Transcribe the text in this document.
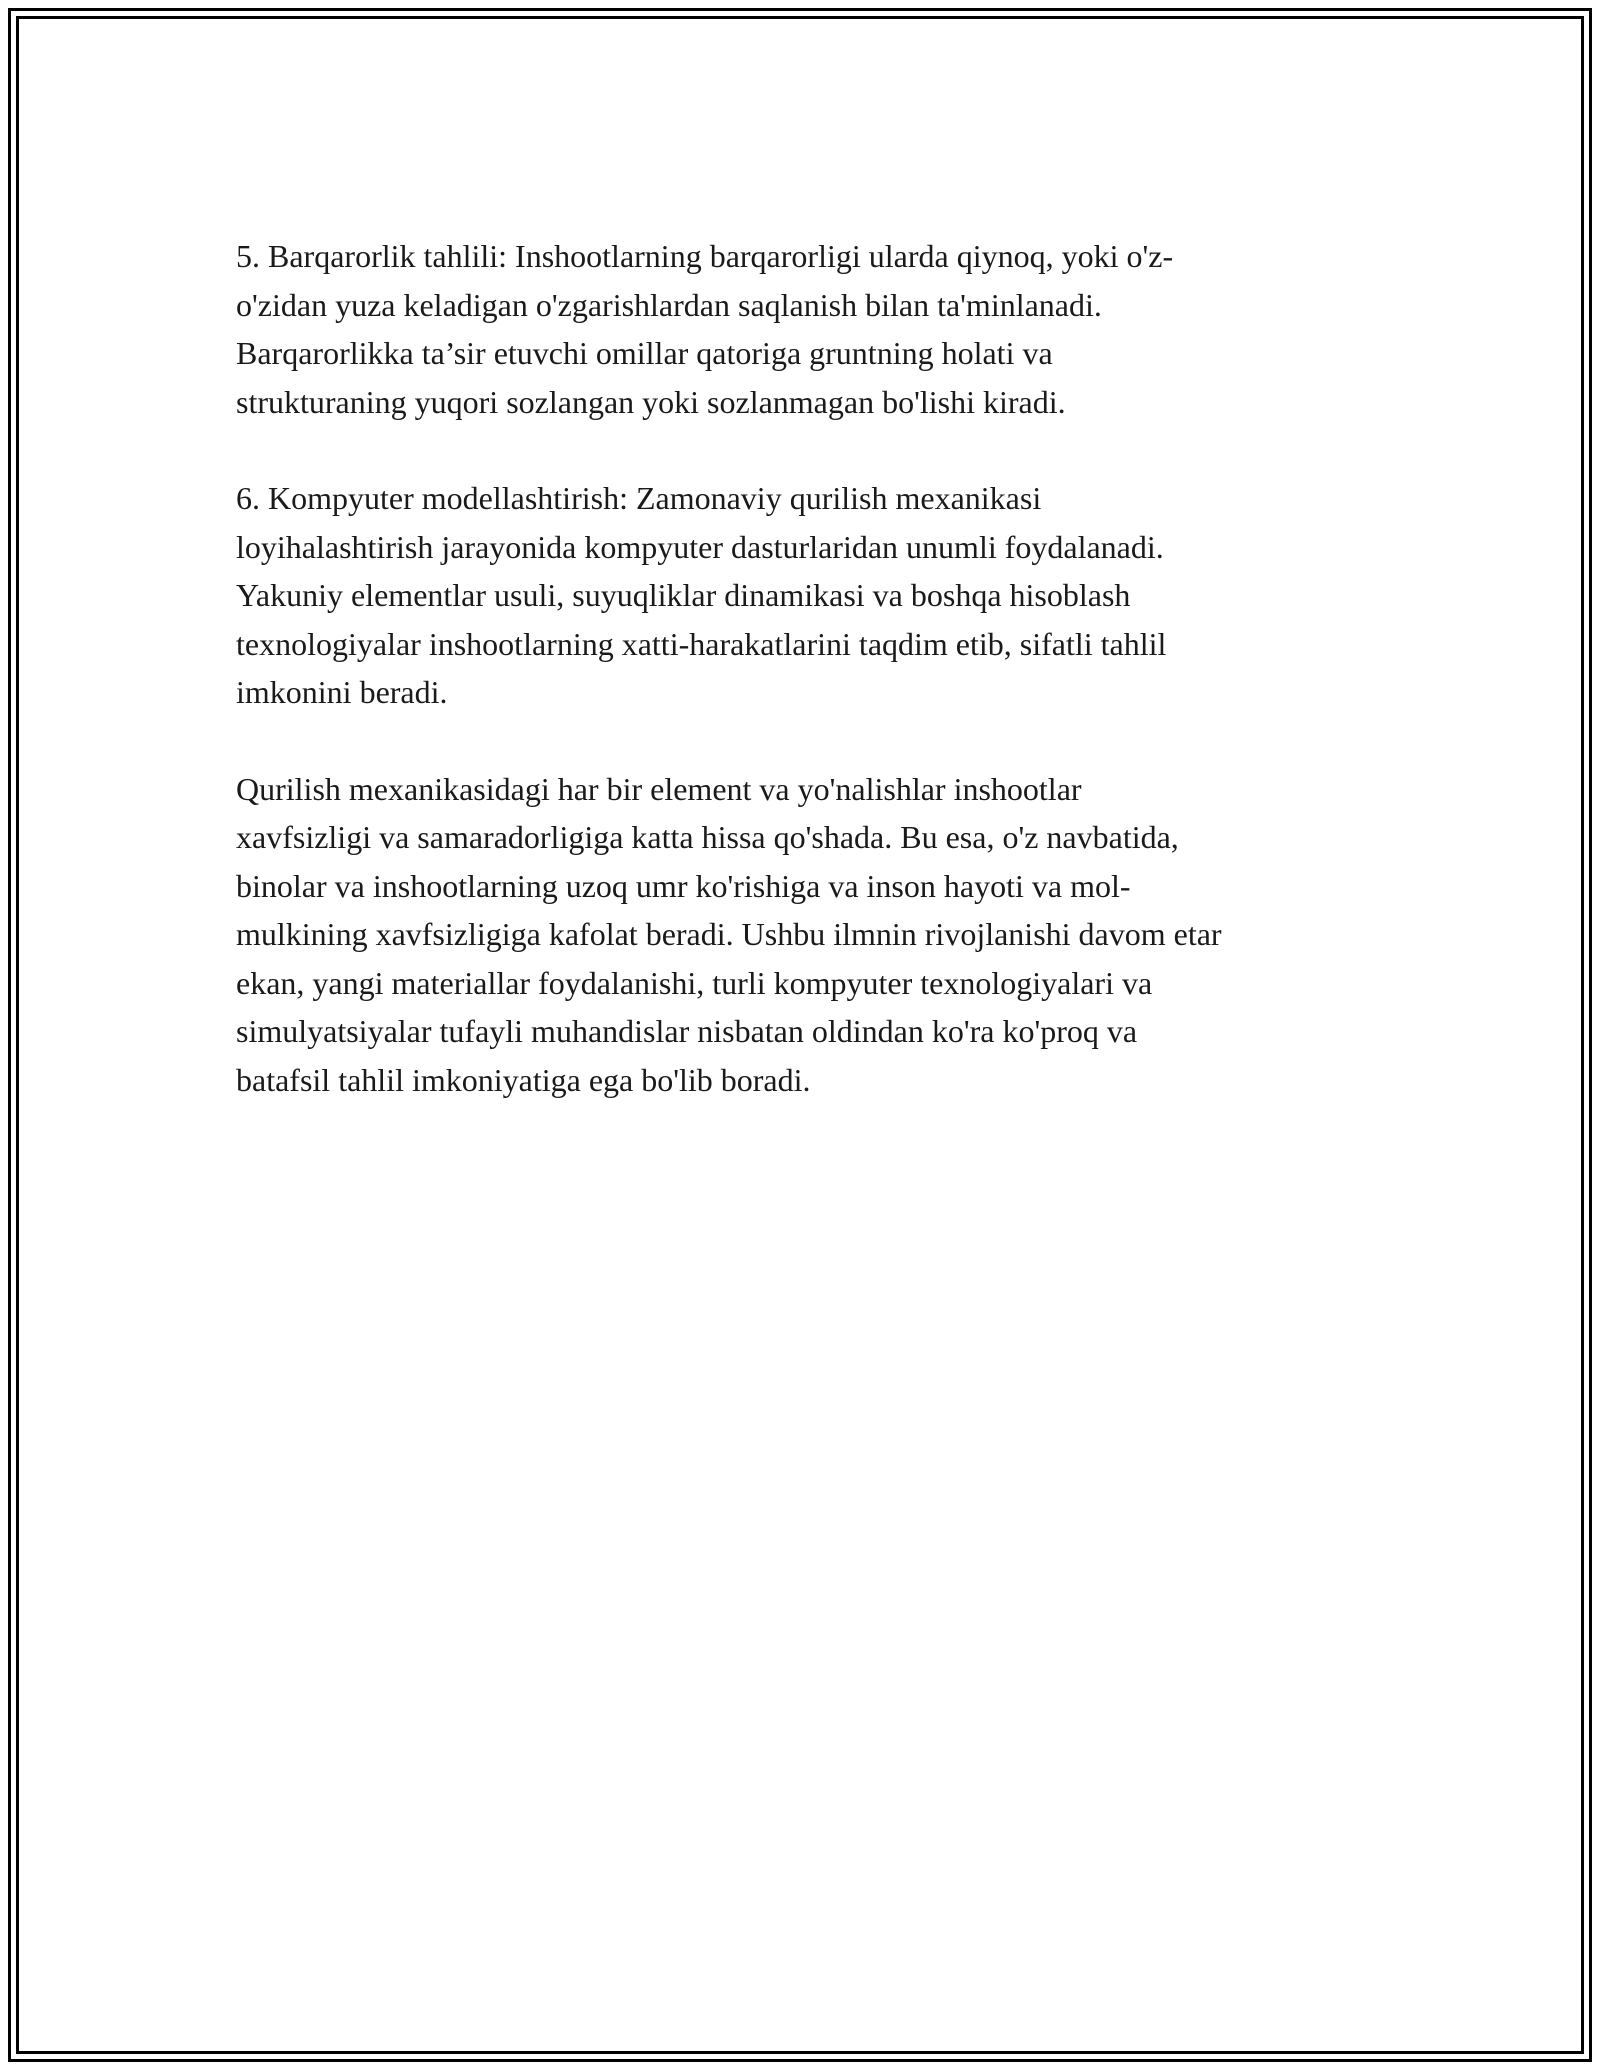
5. Barqarorlik tahlili: Inshootlarning barqarorligi ularda qiynoq, yoki o'z-
o'zidan yuza keladigan o'zgarishlardan saqlanish bilan ta'minlanadi.
Barqarorlikka ta’sir etuvchi omillar qatoriga gruntning holati va
strukturaning yuqori sozlangan yoki sozlanmagan bo'lishi kiradi.

6. Kompyuter modellashtirish: Zamonaviy qurilish mexanikasi
loyihalashtirish jarayonida kompyuter dasturlaridan unumli foydalanadi.
Yakuniy elementlar usuli, suyuqliklar dinamikasi va boshqa hisoblash
texnologiyalar inshootlarning xatti-harakatlarini taqdim etib, sifatli tahlil
imkonini beradi.

Qurilish mexanikasidagi har bir element va yo'nalishlar inshootlar
xavfsizligi va samaradorligiga katta hissa qo'shada. Bu esa, o'z navbatida,
binolar va inshootlarning uzoq umr ko'rishiga va inson hayoti va mol-
mulkining xavfsizligiga kafolat beradi. Ushbu ilmnin rivojlanishi davom etar
ekan, yangi materiallar foydalanishi, turli kompyuter texnologiyalari va
simulyatsiyalar tufayli muhandislar nisbatan oldindan ko'ra ko'proq va
batafsil tahlil imkoniyatiga ega bo'lib boradi.
